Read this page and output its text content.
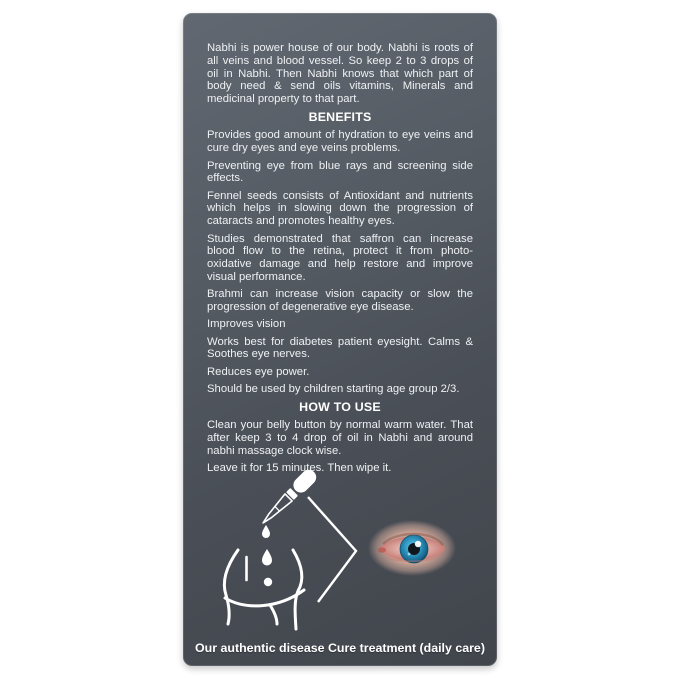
Nabhi is power house of our body. Nabhi is roots of all veins and blood vessel. So keep 2 to 3 drops of oil in Nabhi. Then Nabhi knows that which part of body need & send oils vitamins, Minerals and medicinal property to that part.

BENEFITS

Provides good amount of hydration to eye veins and cure dry eyes and eye veins problems.

Preventing eye from blue rays and screening side effects.

Fennel seeds consists of Antioxidant and nutrients which helps in slowing down the progression of cataracts and promotes healthy eyes.

Studies demonstrated that saffron can increase blood flow to the retina, protect it from photo-oxidative damage and help restore and improve visual performance.

Brahmi can increase vision capacity or slow the progression of degenerative eye disease.

Improves vision

Works best for diabetes patient eyesight. Calms & Soothes eye nerves.

Reduces eye power.

Should be used by children starting age group 2/3.

HOW TO USE

Clean your belly button by normal warm water. That after keep 3 to 4 drop of oil in Nabhi and around nabhi massage clock wise.

Leave it for 15 minutes. Then wipe it.

Our authentic disease Cure treatment (daily care)
